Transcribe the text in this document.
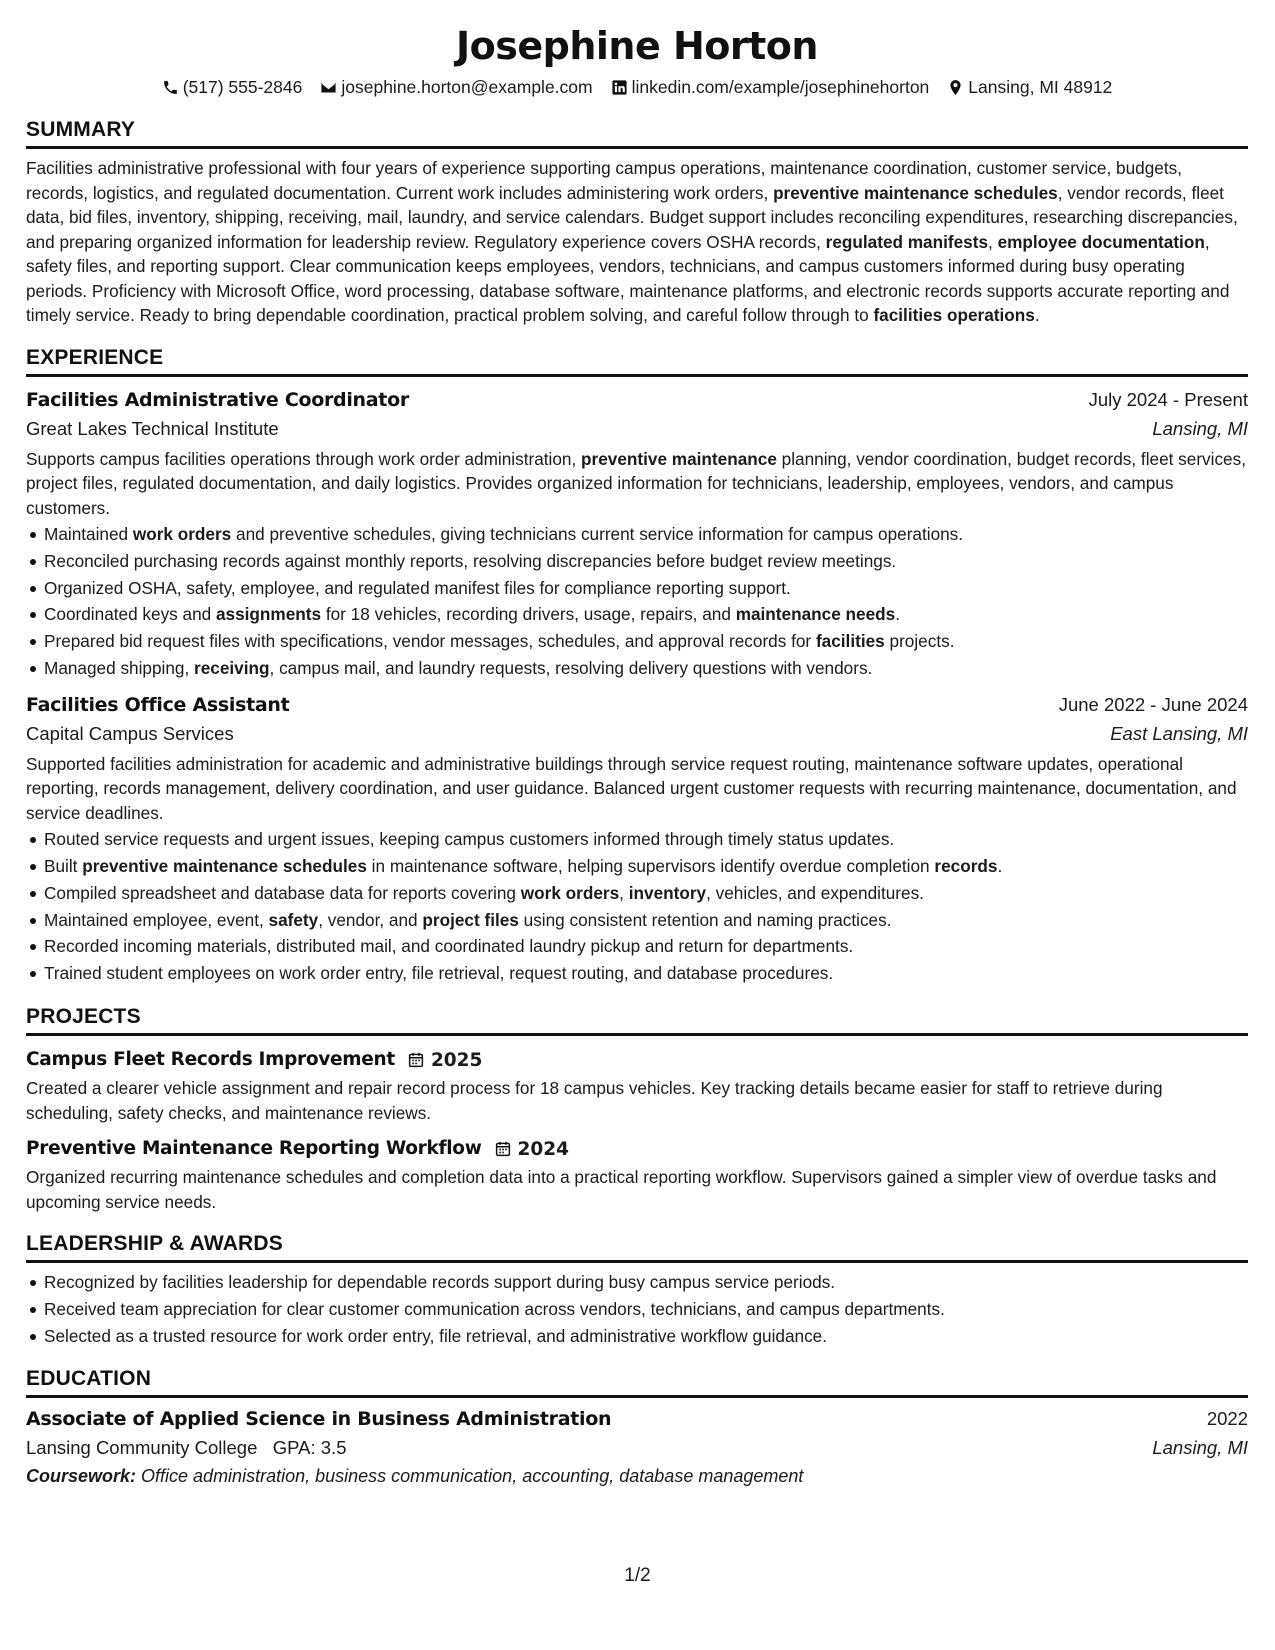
Josephine Horton
(517) 555-2846 josephine.horton@example.com linkedin.com/example/josephinehorton Lansing, MI 48912
SUMMARY

Facilities administrative professional with four years of experience supporting campus operations, maintenance coordination, customer service, budgets, records, logistics, and regulated documentation. Current work includes administering work orders, preventive maintenance schedules, vendor records, fleet data, bid files, inventory, shipping, receiving, mail, laundry, and service calendars. Budget support includes reconciling expenditures, researching discrepancies, and preparing organized information for leadership review. Regulatory experience covers OSHA records, regulated manifests, employee documentation, safety files, and reporting support. Clear communication keeps employees, vendors, technicians, and campus customers informed during busy operating periods. Proficiency with Microsoft Office, word processing, database software, maintenance platforms, and electronic records supports accurate reporting and timely service. Ready to bring dependable coordination, practical problem solving, and careful follow through to facilities operations.

EXPERIENCE
Facilities Administrative Coordinator	July 2024 - Present
Great Lakes Technical Institute	Lansing, MI

Supports campus facilities operations through work order administration, preventive maintenance planning, vendor coordination, budget records, fleet services, project files, regulated documentation, and daily logistics. Provides organized information for technicians, leadership, employees, vendors, and campus customers.

Maintained work orders and preventive schedules, giving technicians current service information for campus operations.
Reconciled purchasing records against monthly reports, resolving discrepancies before budget review meetings.
Organized OSHA, safety, employee, and regulated manifest files for compliance reporting support.
Coordinated keys and assignments for 18 vehicles, recording drivers, usage, repairs, and maintenance needs.
Prepared bid request files with specifications, vendor messages, schedules, and approval records for facilities projects.
Managed shipping, receiving, campus mail, and laundry requests, resolving delivery questions with vendors.
Facilities Office Assistant	June 2022 - June 2024
Capital Campus Services	East Lansing, MI

Supported facilities administration for academic and administrative buildings through service request routing, maintenance software updates, operational reporting, records management, delivery coordination, and user guidance. Balanced urgent customer requests with recurring maintenance, documentation, and service deadlines.

Routed service requests and urgent issues, keeping campus customers informed through timely status updates.
Built preventive maintenance schedules in maintenance software, helping supervisors identify overdue completion records.
Compiled spreadsheet and database data for reports covering work orders, inventory, vehicles, and expenditures.
Maintained employee, event, safety, vendor, and project files using consistent retention and naming practices.
Recorded incoming materials, distributed mail, and coordinated laundry pickup and return for departments.
Trained student employees on work order entry, file retrieval, request routing, and database procedures.
PROJECTS
Campus Fleet Records Improvement 2025

Created a clearer vehicle assignment and repair record process for 18 campus vehicles. Key tracking details became easier for staff to retrieve during scheduling, safety checks, and maintenance reviews.

Preventive Maintenance Reporting Workflow 2024

Organized recurring maintenance schedules and completion data into a practical reporting workflow. Supervisors gained a simpler view of overdue tasks and upcoming service needs.

LEADERSHIP & AWARDS
Recognized by facilities leadership for dependable records support during busy campus service periods.
Received team appreciation for clear customer communication across vendors, technicians, and campus departments.
Selected as a trusted resource for work order entry, file retrieval, and administrative workflow guidance.
EDUCATION
Associate of Applied Science in Business Administration	2022
Lansing Community College GPA: 3.5	Lansing, MI
Coursework: Office administration, business communication, accounting, database management
1/2
